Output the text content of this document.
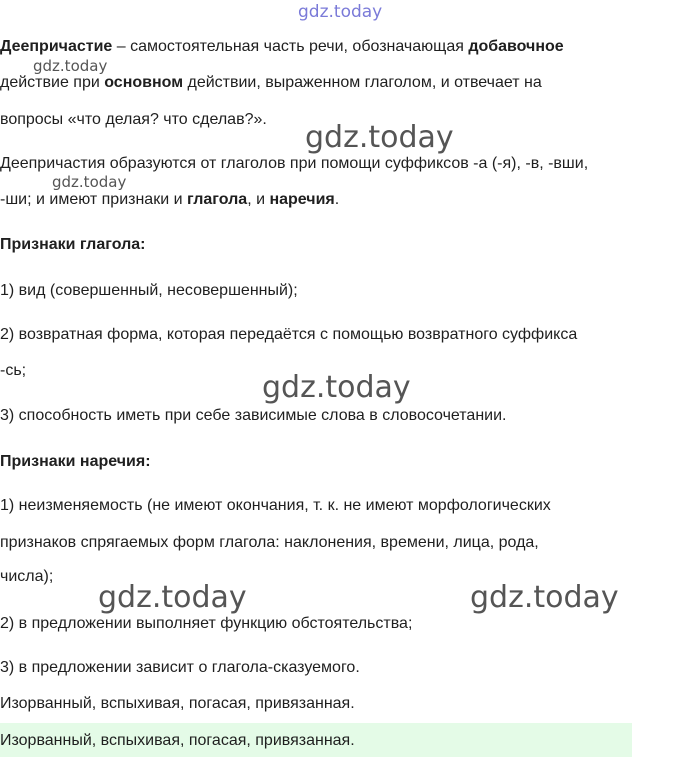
Деепричастие – самостоятельная часть речи, обозначающая добавочное
действие при основном действии, выраженном глаголом, и отвечает на
вопросы «что делая? что сделав?».
Деепричастия образуются от глаголов при помощи суффиксов -а (-я), -в, -вши,
-ши; и имеют признаки и глагола, и наречия.
Признаки глагола:
1) вид (совершенный, несовершенный);
2) возвратная форма, которая передаётся с помощью возвратного суффикса
-сь;
3) способность иметь при себе зависимые слова в словосочетании.
Признаки наречия:
1) неизменяемость (не имеют окончания, т. к. не имеют морфологических
признаков спрягаемых форм глагола: наклонения, времени, лица, рода,
числа);
2) в предложении выполняет функцию обстоятельства;
3) в предложении зависит о глагола-сказуемого.
Изорванный, вспыхивая, погасая, привязанная.
Изорванный, вспыхивая, погасая, привязанная.
gdz.today
gdz.today
gdz.today
gdz.today
gdz.today
gdz.today	gdz.today
